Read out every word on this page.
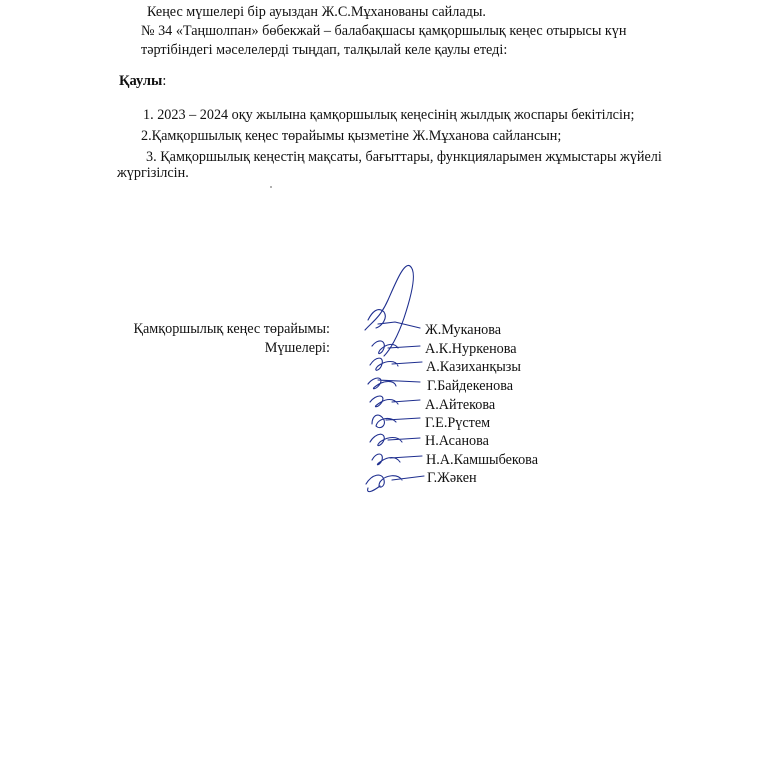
Кеңес мүшелері бір ауыздан Ж.С.Мұханованы сайлады.
№ 34 «Таңшолпан» бөбекжай – балабақшасы қамқоршылық кеңес отырысы күн
тәртібіндегі мәселелерді тыңдап, талқылай келе қаулы етеді:
Қаулы:
1. 2023 – 2024 оқу жылына қамқоршылық кеңесінің жылдық жоспары бекітілсін;
2.Қамқоршылық кеңес төрайымы қызметіне Ж.Мұханова сайлансын;
3. Қамқоршылық кеңестің мақсаты, бағыттары, функцияларымен жұмыстары жүйелі
жүргізілсін.
Қамқоршылық кеңес төрайымы:
Мүшелері:
Ж.Муканова
А.К.Нуркенова
А.Казиханқызы
Г.Байдекенова
А.Айтекова
Г.Е.Рүстем
Н.Асанова
Н.А.Камшыбекова
Г.Жәкен
